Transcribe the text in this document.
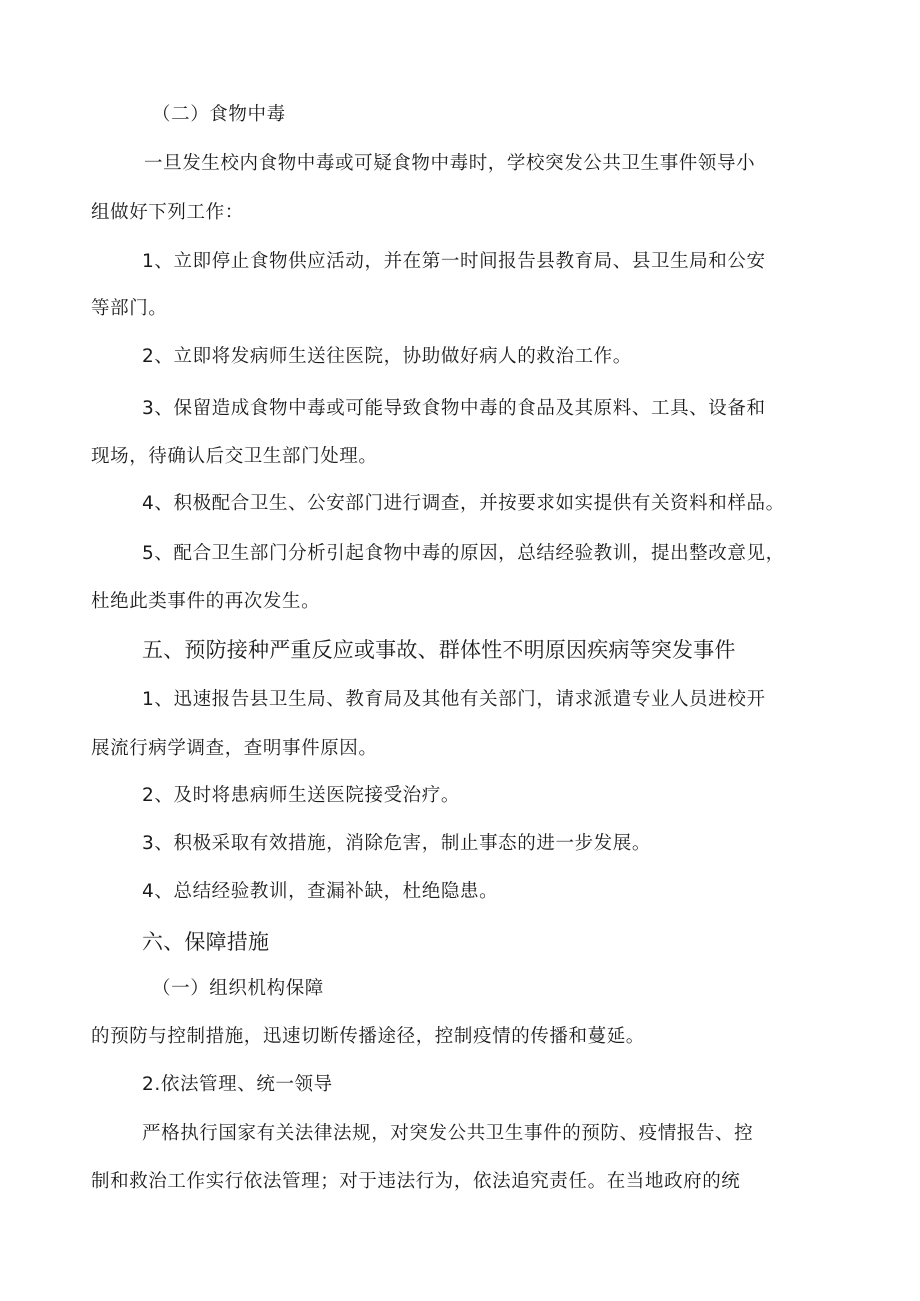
（二）食物中毒
一旦发生校内食物中毒或可疑食物中毒时，学校突发公共卫生事件领导小
组做好下列工作：
1、立即停止食物供应活动，并在第一时间报告县教育局、县卫生局和公安
等部门。
2、立即将发病师生送往医院，协助做好病人的救治工作。
3、保留造成食物中毒或可能导致食物中毒的食品及其原料、工具、设备和
现场，待确认后交卫生部门处理。
4、积极配合卫生、公安部门进行调查，并按要求如实提供有关资料和样品。
5、配合卫生部门分析引起食物中毒的原因，总结经验教训，提出整改意见，
杜绝此类事件的再次发生。
五、预防接种严重反应或事故、群体性不明原因疾病等突发事件
1、迅速报告县卫生局、教育局及其他有关部门，请求派遣专业人员进校开
展流行病学调查，查明事件原因。
2、及时将患病师生送医院接受治疗。
3、积极采取有效措施，消除危害，制止事态的进一步发展。
4、总结经验教训，查漏补缺，杜绝隐患。
六、保障措施
（一）组织机构保障
的预防与控制措施，迅速切断传播途径，控制疫情的传播和蔓延。
2.依法管理、统一领导
严格执行国家有关法律法规，对突发公共卫生事件的预防、疫情报告、控
制和救治工作实行依法管理；对于违法行为，依法追究责任。在当地政府的统
